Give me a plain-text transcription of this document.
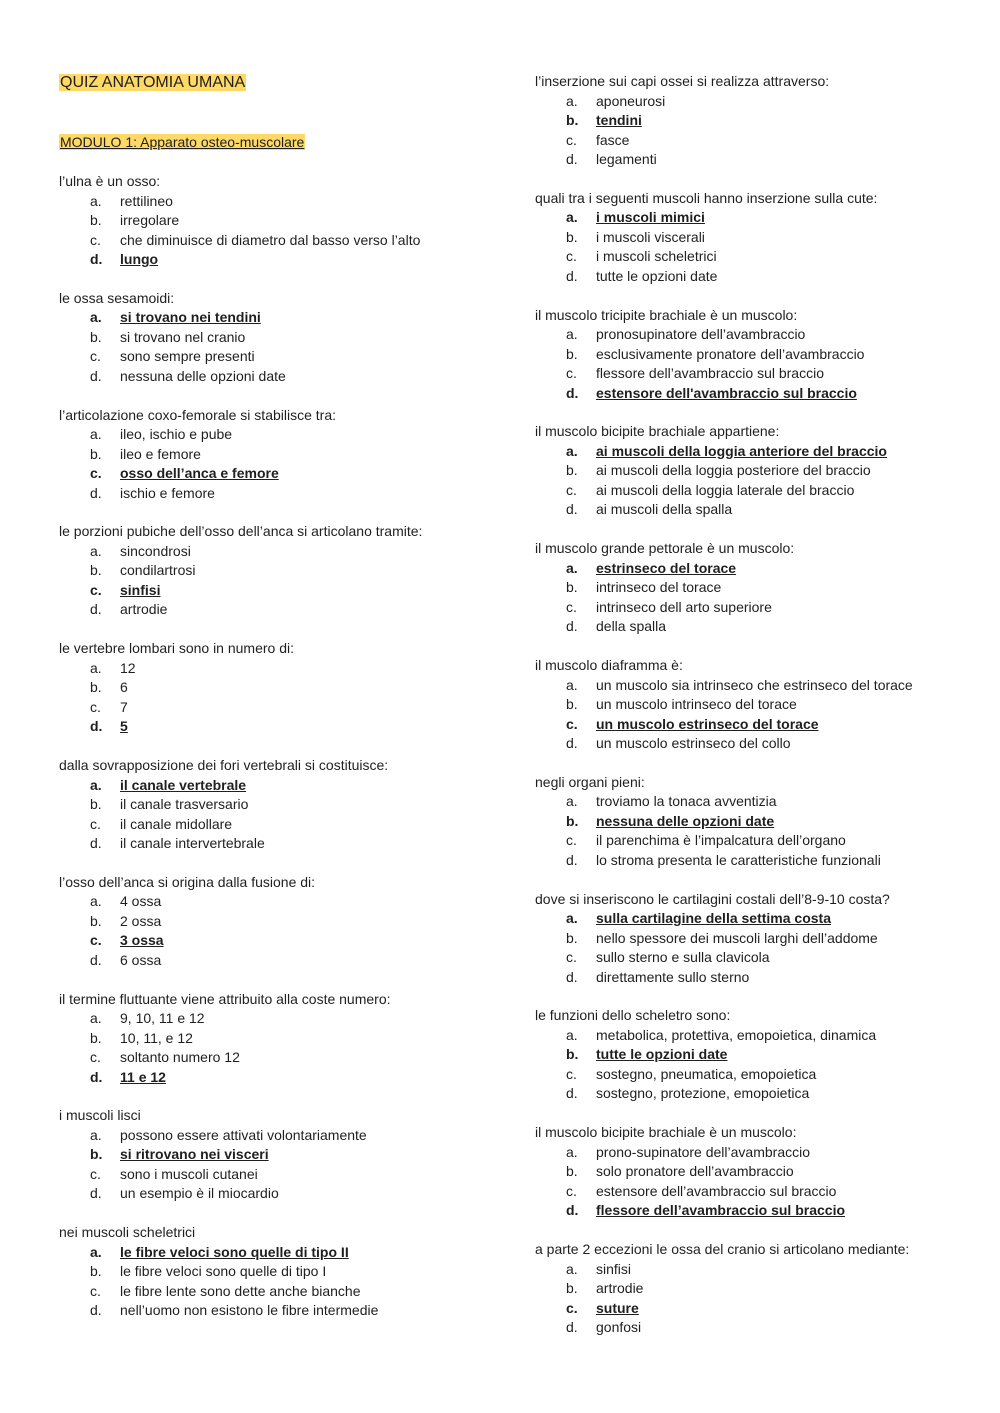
QUIZ ANATOMIA UMANA
MODULO 1: Apparato osteo-muscolare
l’ulna è un osso:
a.	rettilineo
b.	irregolare
c.	che diminuisce di diametro dal basso verso l’alto
d.	lungo
le ossa sesamoidi:
a.	si trovano nei tendini
b.	si trovano nel cranio
c.	sono sempre presenti
d.	nessuna delle opzioni date
l’articolazione coxo-femorale si stabilisce tra:
a.	ileo, ischio e pube
b.	ileo e femore
c.	osso dell’anca e femore
d.	ischio e femore
le porzioni pubiche dell’osso dell’anca si articolano tramite:
a.	sincondrosi
b.	condilartrosi
c.	sinfisi
d.	artrodie
le vertebre lombari sono in numero di:
a.	12
b.	6
c.	7
d.	5
dalla sovrapposizione dei fori vertebrali si costituisce:
a.	il canale vertebrale
b.	il canale trasversario
c.	il canale midollare
d.	il canale intervertebrale
l’osso dell’anca si origina dalla fusione di:
a.	4 ossa
b.	2 ossa
c.	3 ossa
d.	6 ossa
il termine fluttuante viene attribuito alla coste numero:
a.	9, 10, 11 e 12
b.	10, 11, e 12
c.	soltanto numero 12
d.	11 e 12
i muscoli lisci
a.	possono essere attivati volontariamente
b.	si ritrovano nei visceri
c.	sono i muscoli cutanei
d.	un esempio è il miocardio
nei muscoli scheletrici
a.	le fibre veloci sono quelle di tipo II
b.	le fibre veloci sono quelle di tipo I
c.	le fibre lente sono dette anche bianche
d.	nell’uomo non esistono le fibre intermedie
l’inserzione sui capi ossei si realizza attraverso:
a.	aponeurosi
b.	tendini
c.	fasce
d.	legamenti
quali tra i seguenti muscoli hanno inserzione sulla cute:
a.	i muscoli mimici
b.	i muscoli viscerali
c.	i muscoli scheletrici
d.	tutte le opzioni date
il muscolo tricipite brachiale è un muscolo:
a.	pronosupinatore dell’avambraccio
b.	esclusivamente pronatore dell’avambraccio
c.	flessore dell’avambraccio sul braccio
d.	estensore dell'avambraccio sul braccio
il muscolo bicipite brachiale appartiene:
a.	ai muscoli della loggia anteriore del braccio
b.	ai muscoli della loggia posteriore del braccio
c.	ai muscoli della loggia laterale del braccio
d.	ai muscoli della spalla
il muscolo grande pettorale è un muscolo:
a.	estrinseco del torace
b.	intrinseco del torace
c.	intrinseco dell arto superiore
d.	della spalla
il muscolo diaframma è:
a.	un muscolo sia intrinseco che estrinseco del torace
b.	un muscolo intrinseco del torace
c.	un muscolo estrinseco del torace
d.	un muscolo estrinseco del collo
negli organi pieni:
a.	troviamo la tonaca avventizia
b.	nessuna delle opzioni date
c.	il parenchima è l’impalcatura dell’organo
d.	lo stroma presenta le caratteristiche funzionali
dove si inseriscono le cartilagini costali dell’8-9-10 costa?
a.	sulla cartilagine della settima costa
b.	nello spessore dei muscoli larghi dell’addome
c.	sullo sterno e sulla clavicola
d.	direttamente sullo sterno
le funzioni dello scheletro sono:
a.	metabolica, protettiva, emopoietica, dinamica
b.	tutte le opzioni date
c.	sostegno, pneumatica, emopoietica
d.	sostegno, protezione, emopoietica
il muscolo bicipite brachiale è un muscolo:
a.	prono-supinatore dell’avambraccio
b.	solo pronatore dell’avambraccio
c.	estensore dell’avambraccio sul braccio
d.	flessore dell’avambraccio sul braccio
a parte 2 eccezioni le ossa del cranio si articolano mediante:
a.	sinfisi
b.	artrodie
c.	suture
d.	gonfosi
